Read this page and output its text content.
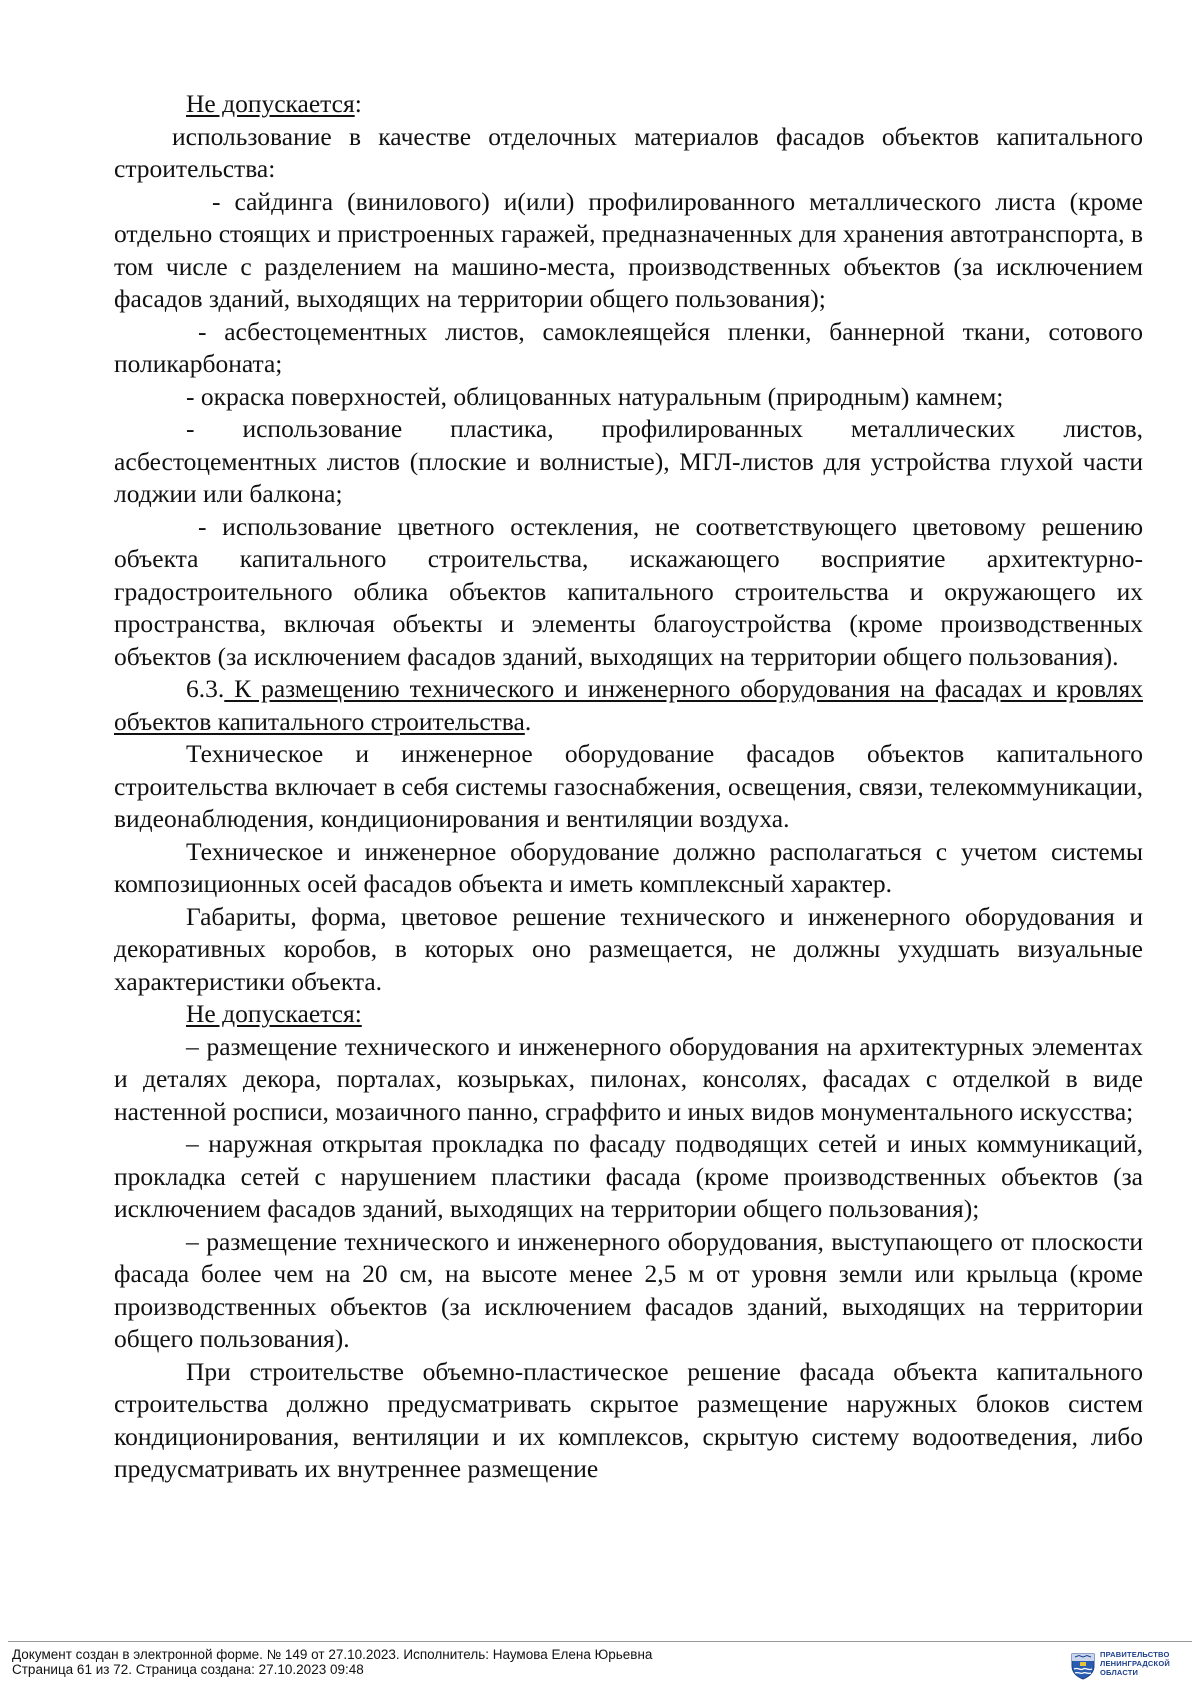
Не допускается:

использование в качестве отделочных материалов фасадов объектов капитального строительства:

- сайдинга (винилового) и(или) профилированного металлического листа (кроме отдельно стоящих и пристроенных гаражей, предназначенных для хранения автотранспорта, в том числе с разделением на машино-места, производственных объектов (за исключением фасадов зданий, выходящих на территории общего пользования);

- асбестоцементных листов, самоклеящейся пленки, баннерной ткани, сотового поликарбоната;

- окраска поверхностей, облицованных натуральным (природным) камнем;

- использование пластика, профилированных металлических листов, асбестоцементных листов (плоские и волнистые), МГЛ-листов для устройства глухой части лоджии или балкона;

- использование цветного остекления, не соответствующего цветовому решению объекта капитального строительства, искажающего восприятие архитектурно-градостроительного облика объектов капитального строительства и окружающего их пространства, включая объекты и элементы благоустройства (кроме производственных объектов (за исключением фасадов зданий, выходящих на территории общего пользования).

6.3. К размещению технического и инженерного оборудования на фасадах и кровлях объектов капитального строительства.

Техническое и инженерное оборудование фасадов объектов капитального строительства включает в себя системы газоснабжения, освещения, связи, телекоммуникации, видеонаблюдения, кондиционирования и вентиляции воздуха.

Техническое и инженерное оборудование должно располагаться с учетом системы композиционных осей фасадов объекта и иметь комплексный характер.

Габариты, форма, цветовое решение технического и инженерного оборудования и декоративных коробов, в которых оно размещается, не должны ухудшать визуальные характеристики объекта.

Не допускается:

– размещение технического и инженерного оборудования на архитектурных элементах и деталях декора, порталах, козырьках, пилонах, консолях, фасадах с отделкой в виде настенной росписи, мозаичного панно, сграффито и иных видов монументального искусства;

– наружная открытая прокладка по фасаду подводящих сетей и иных коммуникаций, прокладка сетей с нарушением пластики фасада (кроме производственных объектов (за исключением фасадов зданий, выходящих на территории общего пользования);

– размещение технического и инженерного оборудования, выступающего от плоскости фасада более чем на 20 см, на высоте менее 2,5 м от уровня земли или крыльца (кроме производственных объектов (за исключением фасадов зданий, выходящих на территории общего пользования).

При строительстве объемно-пластическое решение фасада объекта капитального строительства должно предусматривать скрытое размещение наружных блоков систем кондиционирования, вентиляции и их комплексов, скрытую систему водоотведения, либо предусматривать их внутреннее размещение

Документ создан в электронной форме. № 149 от 27.10.2023. Исполнитель: Наумова Елена Юрьевна
Страница 61 из 72. Страница создана: 27.10.2023 09:48
ПРАВИТЕЛЬСТВО
ЛЕНИНГРАДСКОЙ
ОБЛАСТИ
